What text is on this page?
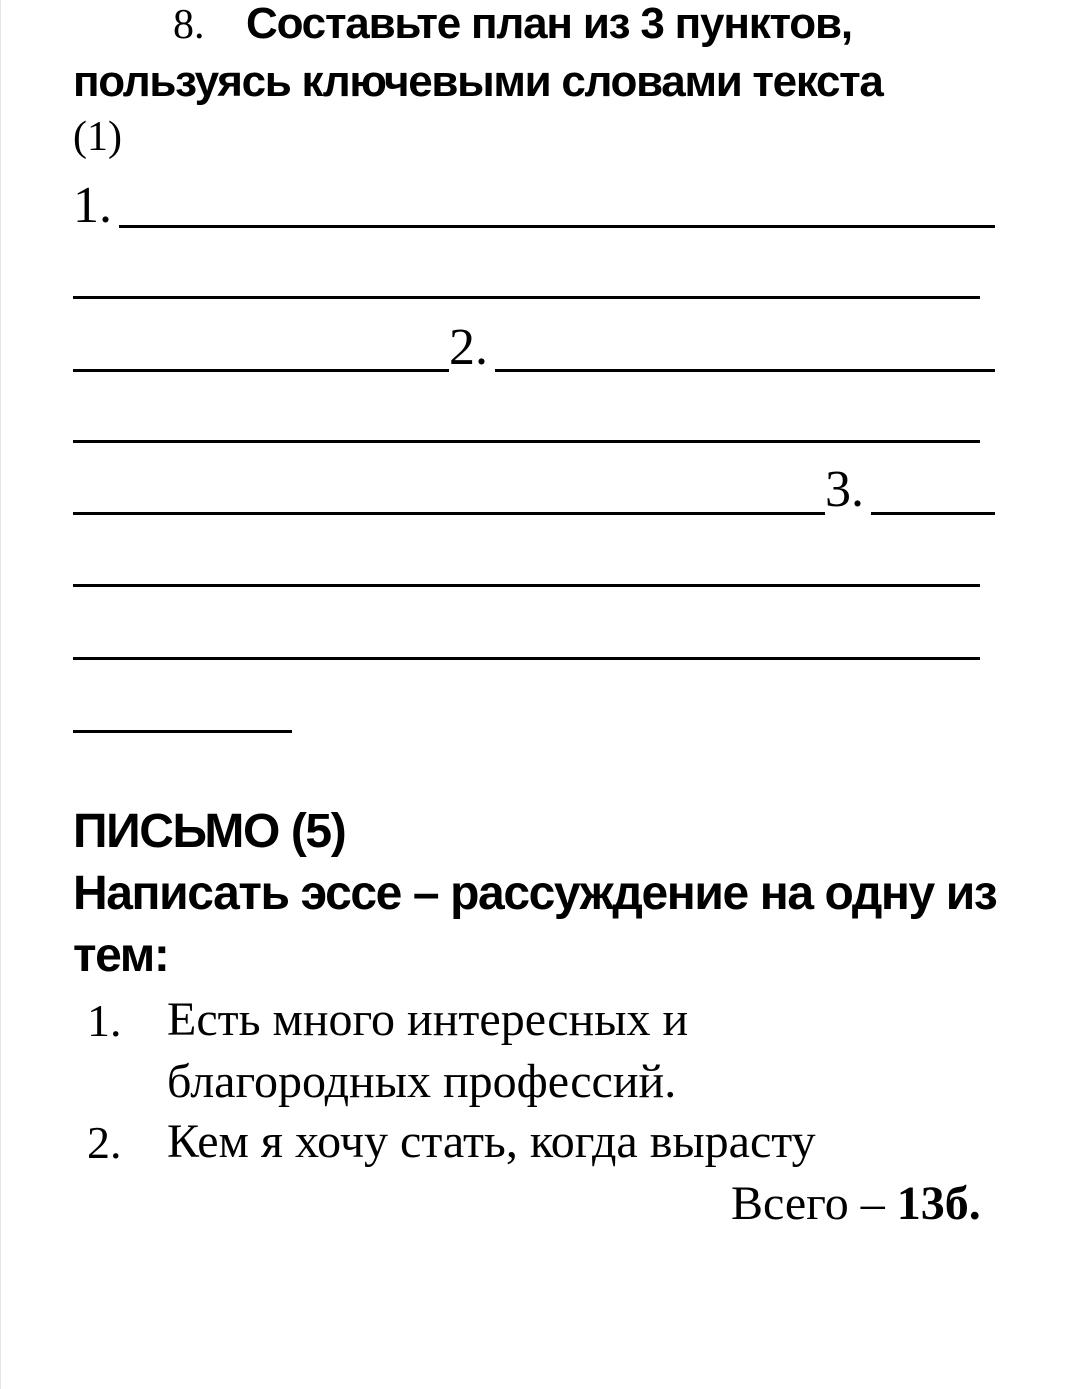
8. Составьте план из 3 пунктов,
пользуясь ключевыми словами текста
(1)
1.
2.
3.
ПИСЬМО (5)
Написать эссе – рассуждение на одну из
тем:
1. Есть много интересных и
благородных профессий.
2. Кем я хочу стать, когда вырасту
Всего – 13б.
